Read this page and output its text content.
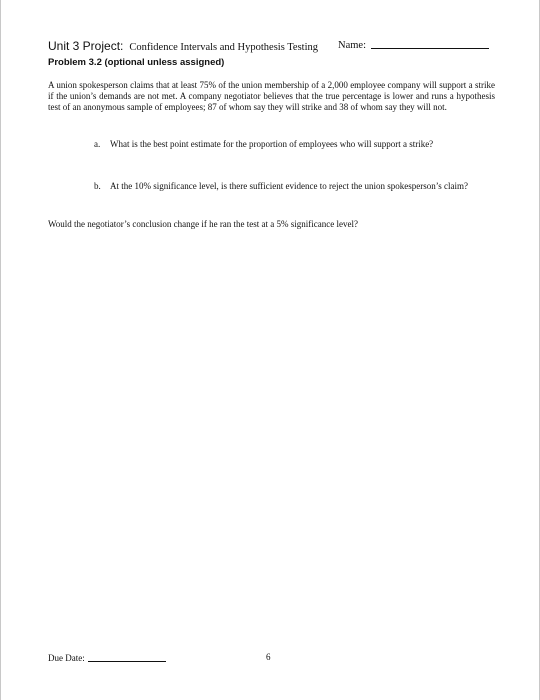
Unit 3 Project: Confidence Intervals and Hypothesis Testing Name:
Problem 3.2 (optional unless assigned)

A union spokesperson claims that at least 75% of the union membership of a 2,000 employee company will support a strike if the union’s demands are not met. A company negotiator believes that the true percentage is lower and runs a hypothesis test of an anonymous sample of employees; 87 of whom say they will strike and 38 of whom say they will not.

a. What is the best point estimate for the proportion of employees who will support a strike?
b. At the 10% significance level, is there sufficient evidence to reject the union spokesperson’s claim?
Would the negotiator’s conclusion change if he ran the test at a 5% significance level?
Due Date:	6
